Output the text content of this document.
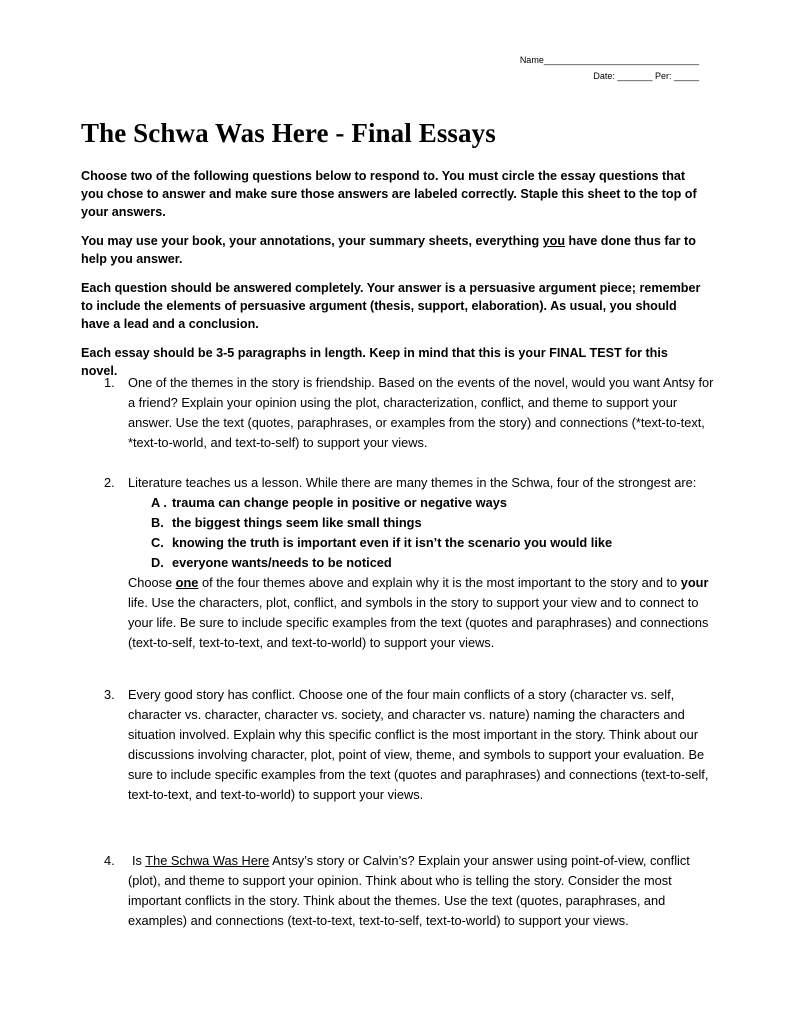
Name_______________________________
Date: _______ Per: _____
The Schwa Was Here - Final Essays

Choose two of the following questions below to respond to. You must circle the essay questions that you chose to answer and make sure those answers are labeled correctly. Staple this sheet to the top of your answers.

You may use your book, your annotations, your summary sheets, everything you have done thus far to help you answer.

Each question should be answered completely. Your answer is a persuasive argument piece; remember to include the elements of persuasive argument (thesis, support, elaboration). As usual, you should have a lead and a conclusion.

Each essay should be 3-5 paragraphs in length. Keep in mind that this is your FINAL TEST for this novel.

1. One of the themes in the story is friendship. Based on the events of the novel, would you want Antsy for a friend? Explain your opinion using the plot, characterization, conflict, and theme to support your answer. Use the text (quotes, paraphrases, or examples from the story) and connections (*text-to-text, *text-to-world, and text-to-self) to support your views.
2. Literature teaches us a lesson. While there are many themes in the Schwa, four of the strongest are:
A . trauma can change people in positive or negative ways
B. the biggest things seem like small things
C. knowing the truth is important even if it isn’t the scenario you would like
D. everyone wants/needs to be noticed
Choose one of the four themes above and explain why it is the most important to the story and to your life. Use the characters, plot, conflict, and symbols in the story to support your view and to connect to your life. Be sure to include specific examples from the text (quotes and paraphrases) and connections (text-to-self, text-to-text, and text-to-world) to support your views.
3. Every good story has conflict. Choose one of the four main conflicts of a story (character vs. self, character vs. character, character vs. society, and character vs. nature) naming the characters and situation involved. Explain why this specific conflict is the most important in the story. Think about our discussions involving character, plot, point of view, theme, and symbols to support your evaluation. Be sure to include specific examples from the text (quotes and paraphrases) and connections (text-to-self, text-to-text, and text-to-world) to support your views.
4.	Is The Schwa Was Here Antsy’s story or Calvin’s? Explain your answer using point-of-view, conflict (plot), and theme to support your opinion. Think about who is telling the story. Consider the most important conflicts in the story. Think about the themes. Use the text (quotes, paraphrases, and examples) and connections (text-to-text, text-to-self, text-to-world) to support your views.
